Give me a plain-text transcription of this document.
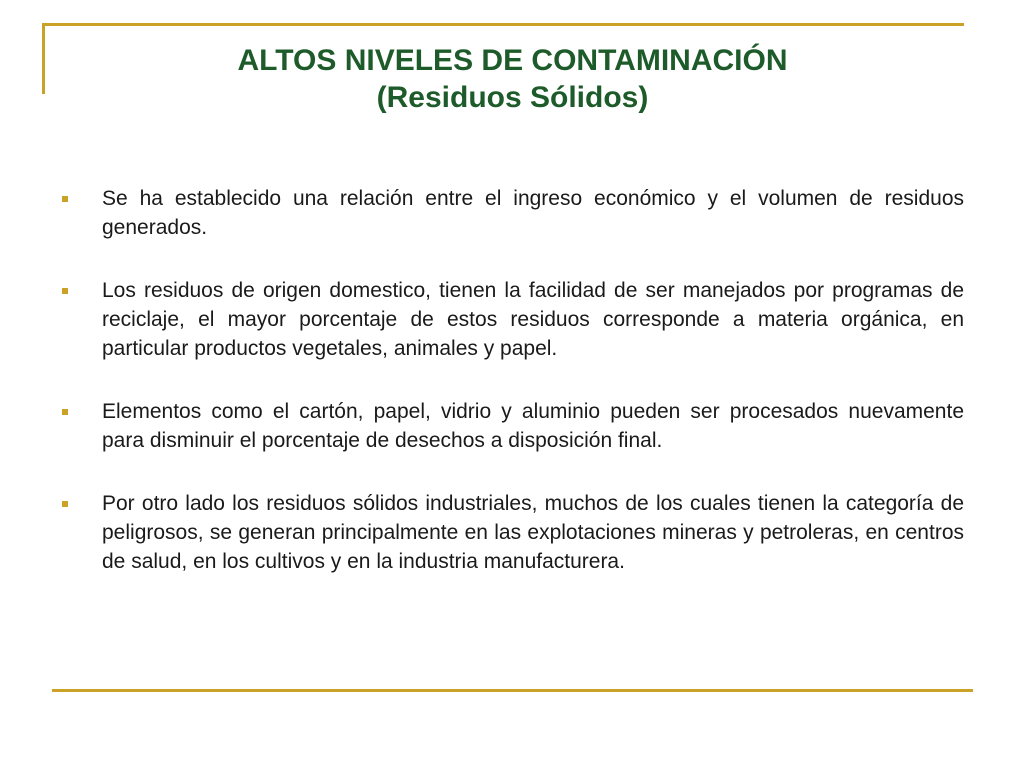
ALTOS NIVELES DE CONTAMINACIÓN
(Residuos Sólidos)
Se ha establecido una relación entre el ingreso económico y el volumen de residuos generados.
Los residuos de origen domestico, tienen la facilidad de ser manejados por programas de reciclaje, el mayor porcentaje de estos residuos corresponde a materia orgánica, en particular productos vegetales, animales y papel.
Elementos como el cartón, papel, vidrio y aluminio pueden ser procesados nuevamente para disminuir el porcentaje de desechos a disposición final.
Por otro lado los residuos sólidos industriales, muchos de los cuales tienen la categoría de peligrosos, se generan principalmente en las explotaciones mineras y petroleras, en centros de salud, en los cultivos y en la industria manufacturera.
